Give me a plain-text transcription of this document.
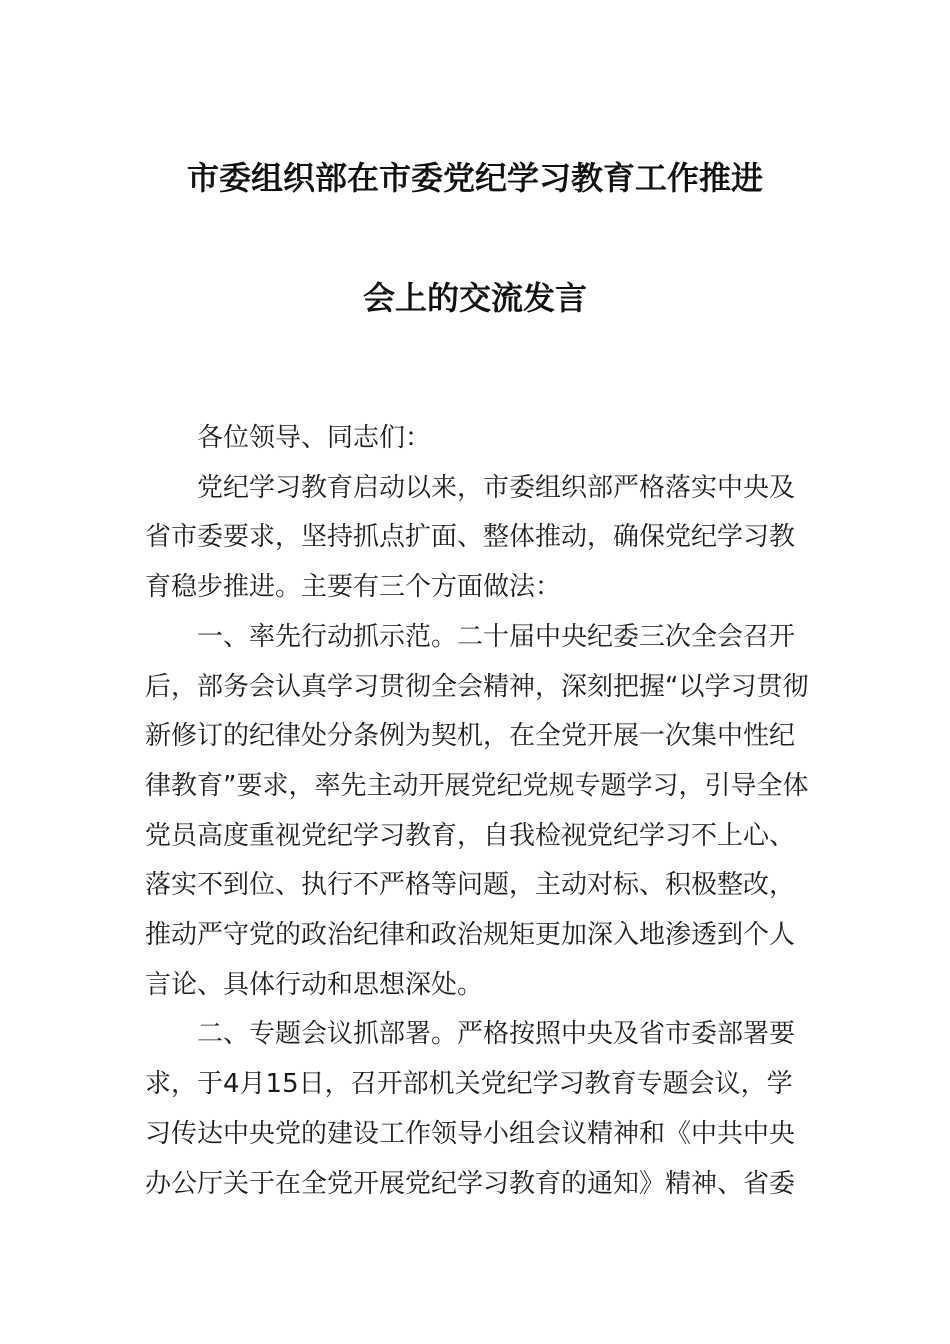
市委组织部在市委党纪学习教育工作推进
会上的交流发言

各位领导、同志们：

党纪学习教育启动以来，市委组织部严格落实中央及
省市委要求，坚持抓点扩面、整体推动，确保党纪学习教
育稳步推进。主要有三个方面做法：

一、率先行动抓示范。二十届中央纪委三次全会召开
后，部务会认真学习贯彻全会精神，深刻把握“以学习贯彻
新修订的纪律处分条例为契机，在全党开展一次集中性纪
律教育”要求，率先主动开展党纪党规专题学习，引导全体
党员高度重视党纪学习教育，自我检视党纪学习不上心、
落实不到位、执行不严格等问题，主动对标、积极整改，
推动严守党的政治纪律和政治规矩更加深入地渗透到个人
言论、具体行动和思想深处。

二、专题会议抓部署。严格按照中央及省市委部署要
求，于4月15日，召开部机关党纪学习教育专题会议，学
习传达中央党的建设工作领导小组会议精神和《中共中央
办公厅关于在全党开展党纪学习教育的通知》精神、省委
